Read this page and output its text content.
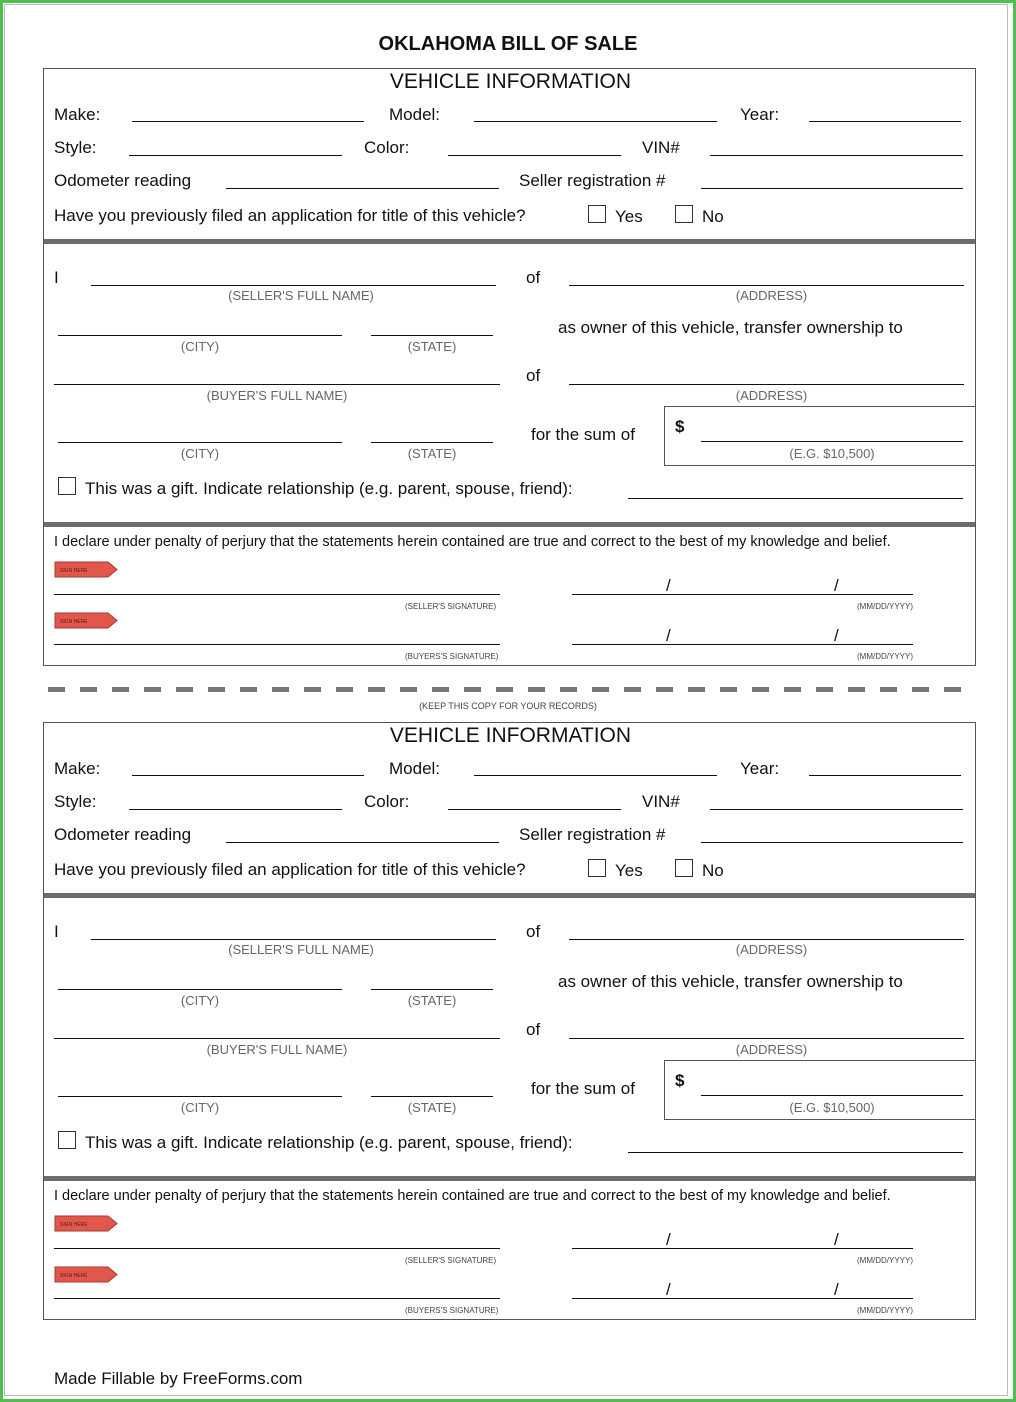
OKLAHOMA BILL OF SALE
VEHICLE INFORMATION
Make:	Model:	Year:
Style:	Color:	VIN#
Odometer reading	Seller registration #
Have you previously filed an application for title of this vehicle?	Yes	No
I
(SELLER'S FULL NAME)
of
(ADDRESS)
(CITY)	(STATE)
as owner of this vehicle, transfer ownership to
(BUYER'S FULL NAME)
of
(ADDRESS)
(CITY)	(STATE)
for the sum of $
(E.G. $10,500)
This was a gift. Indicate relationship (e.g. parent, spouse, friend):
I declare under penalty of perjury that the statements herein contained are true and correct to the best of my knowledge and belief.
SIGN HERE
(SELLER'S SIGNATURE)
/	/
(MM/DD/YYYY)
SIGN HERE
(BUYERS'S SIGNATURE)
/	/
(MM/DD/YYYY)
(KEEP THIS COPY FOR YOUR RECORDS)
VEHICLE INFORMATION
Make:	Model:	Year:
Style:	Color:	VIN#
Odometer reading	Seller registration #
Have you previously filed an application for title of this vehicle?	Yes	No
I
(SELLER'S FULL NAME)
of
(ADDRESS)
(CITY)	(STATE)
as owner of this vehicle, transfer ownership to
(BUYER'S FULL NAME)
of
(ADDRESS)
(CITY)	(STATE)
for the sum of $
(E.G. $10,500)
This was a gift. Indicate relationship (e.g. parent, spouse, friend):
I declare under penalty of perjury that the statements herein contained are true and correct to the best of my knowledge and belief.
SIGN HERE
(SELLER'S SIGNATURE)
/	/
(MM/DD/YYYY)
SIGN HERE
(BUYERS'S SIGNATURE)
/	/
(MM/DD/YYYY)
Made Fillable by FreeForms.com
